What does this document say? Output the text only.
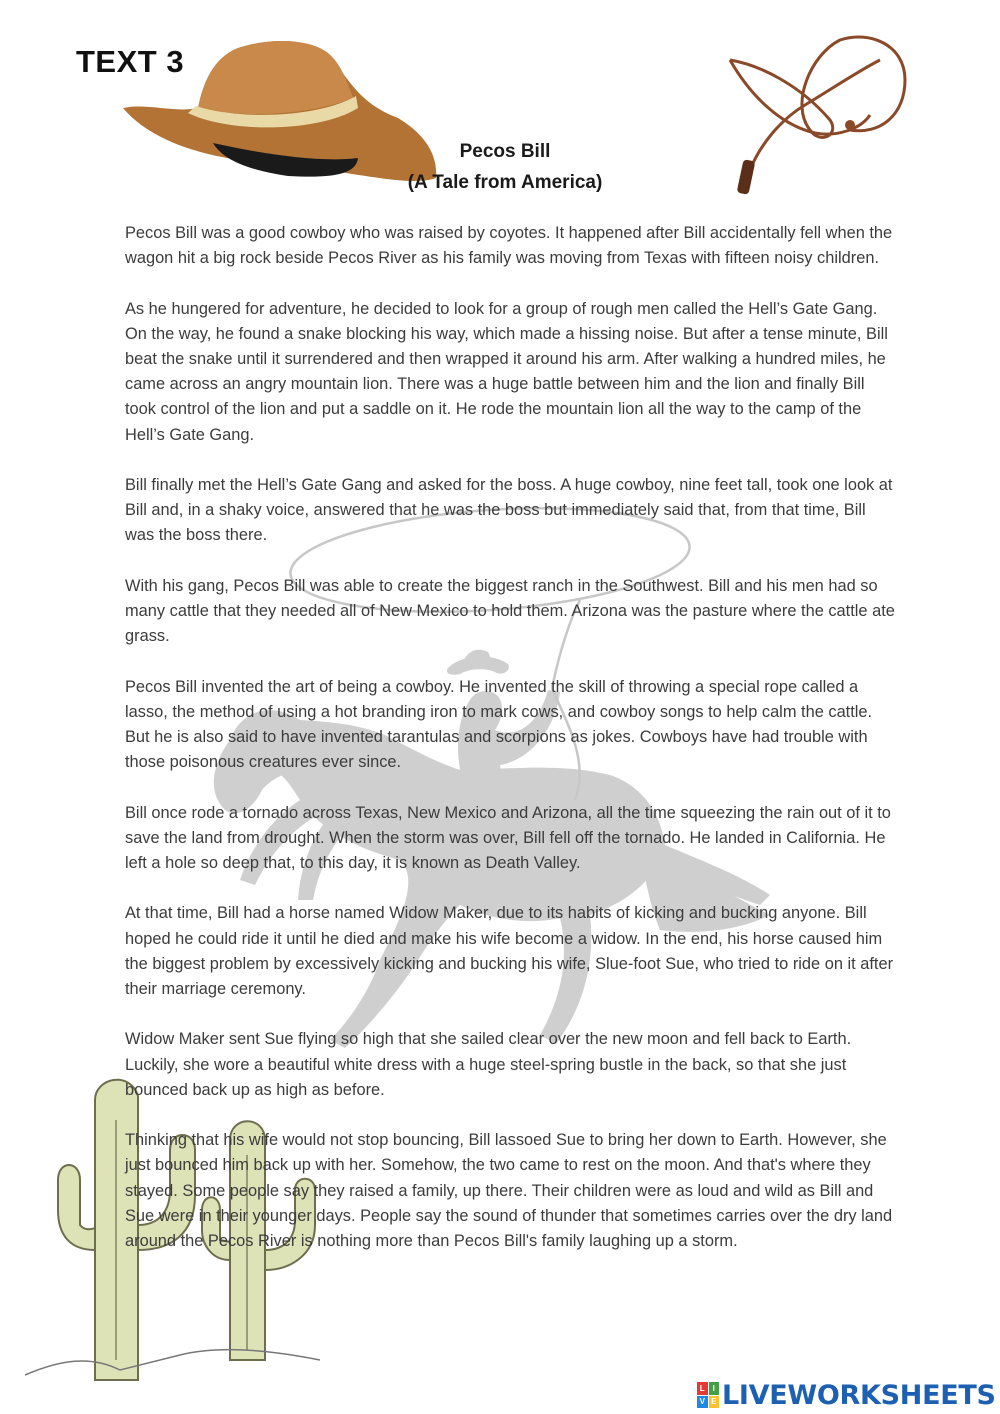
TEXT 3
Pecos Bill
(A Tale from America)

Pecos Bill was a good cowboy who was raised by coyotes. It happened after Bill accidentally fell when the wagon hit a big rock beside Pecos River as his family was moving from Texas with fifteen noisy children.

As he hungered for adventure, he decided to look for a group of rough men called the Hell’s Gate Gang. On the way, he found a snake blocking his way, which made a hissing noise. But after a tense minute, Bill beat the snake until it surrendered and then wrapped it around his arm. After walking a hundred miles, he came across an angry mountain lion. There was a huge battle between him and the lion and finally Bill took control of the lion and put a saddle on it. He rode the mountain lion all the way to the camp of the Hell’s Gate Gang.

Bill finally met the Hell’s Gate Gang and asked for the boss. A huge cowboy, nine feet tall, took one look at Bill and, in a shaky voice, answered that he was the boss but immediately said that, from that time, Bill was the boss there.

With his gang, Pecos Bill was able to create the biggest ranch in the Southwest. Bill and his men had so many cattle that they needed all of New Mexico to hold them. Arizona was the pasture where the cattle ate grass.

Pecos Bill invented the art of being a cowboy. He invented the skill of throwing a special rope called a lasso, the method of using a hot branding iron to mark cows, and cowboy songs to help calm the cattle. But he is also said to have invented tarantulas and scorpions as jokes. Cowboys have had trouble with those poisonous creatures ever since.

Bill once rode a tornado across Texas, New Mexico and Arizona, all the time squeezing the rain out of it to save the land from drought. When the storm was over, Bill fell off the tornado. He landed in California. He left a hole so deep that, to this day, it is known as Death Valley.

At that time, Bill had a horse named Widow Maker, due to its habits of kicking and bucking anyone. Bill hoped he could ride it until he died and make his wife become a widow. In the end, his horse caused him the biggest problem by excessively kicking and bucking his wife, Slue-foot Sue, who tried to ride on it after their marriage ceremony.

Widow Maker sent Sue flying so high that she sailed clear over the new moon and fell back to Earth. Luckily, she wore a beautiful white dress with a huge steel-spring bustle in the back, so that she just bounced back up as high as before.

Thinking that his wife would not stop bouncing, Bill lassoed Sue to bring her down to Earth. However, she just bounced him back up with her. Somehow, the two came to rest on the moon. And that's where they stayed. Some people say they raised a family, up there. Their children were as loud and wild as Bill and Sue were in their younger days. People say the sound of thunder that sometimes carries over the dry land around the Pecos River is nothing more than Pecos Bill's family laughing up a storm.

L I
V E LIVEWORKSHEETS
